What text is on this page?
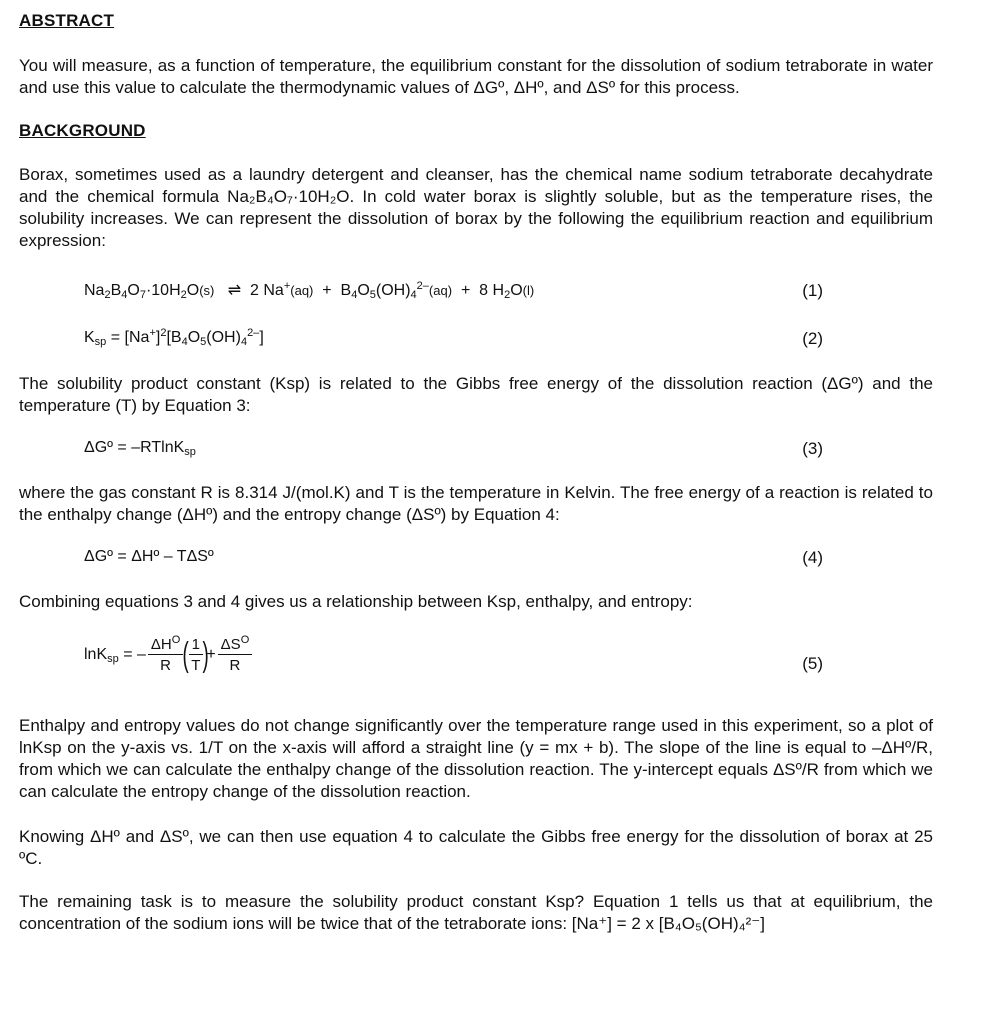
ABSTRACT
You will measure, as a function of temperature, the equilibrium constant for the dissolution of sodium tetraborate in water and use this value to calculate the thermodynamic values of ΔGº, ΔHº, and ΔSº for this process.
BACKGROUND
Borax, sometimes used as a laundry detergent and cleanser, has the chemical name sodium tetraborate decahydrate and the chemical formula Na₂B₄O₇·10H₂O. In cold water borax is slightly soluble, but as the temperature rises, the solubility increases. We can represent the dissolution of borax by the following the equilibrium reaction and equilibrium expression:
$Na_2B_4O_7\cdot 10H_2O(s)$   ⇌  2 $Na^+(aq) + B_4O_5(OH)_4^{2-}(aq) + 8$ $H_2O(l)$	(1)
$K_{sp} = [Na^+]^2[B_4O_5(OH)_4^{2-}]$	(2)
The solubility product constant (Ksp) is related to the Gibbs free energy of the dissolution reaction (ΔGº) and the temperature (T) by Equation 3:
ΔGº = –RTlnK$_{sp}$	(3)
where the gas constant R is 8.314 J/(mol.K) and T is the temperature in Kelvin. The free energy of a reaction is related to the enthalpy change (ΔHº) and the entropy change (ΔSº) by Equation 4:
ΔGº = ΔHº – TΔSº	(4)
Combining equations 3 and 4 gives us a relationship between Ksp, enthalpy, and entropy:
lnK$_{sp}$ = – $\frac{\Delta H^O}{R}$ ( $\frac{1}{T}$ )+ $\frac{\Delta S^O}{R}$	(5)
Enthalpy and entropy values do not change significantly over the temperature range used in this experiment, so a plot of lnKsp on the y-axis vs. 1/T on the x-axis will afford a straight line (y = mx + b). The slope of the line is equal to –ΔHº/R, from which we can calculate the enthalpy change of the dissolution reaction. The y-intercept equals ΔSº/R from which we can calculate the entropy change of the dissolution reaction.
Knowing ΔHº and ΔSº, we can then use equation 4 to calculate the Gibbs free energy for the dissolution of borax at 25 ºC.
The remaining task is to measure the solubility product constant Ksp? Equation 1 tells us that at equilibrium, the concentration of the sodium ions will be twice that of the tetraborate ions: [Na⁺] = 2 x [B₄O₅(OH)₄²⁻]
